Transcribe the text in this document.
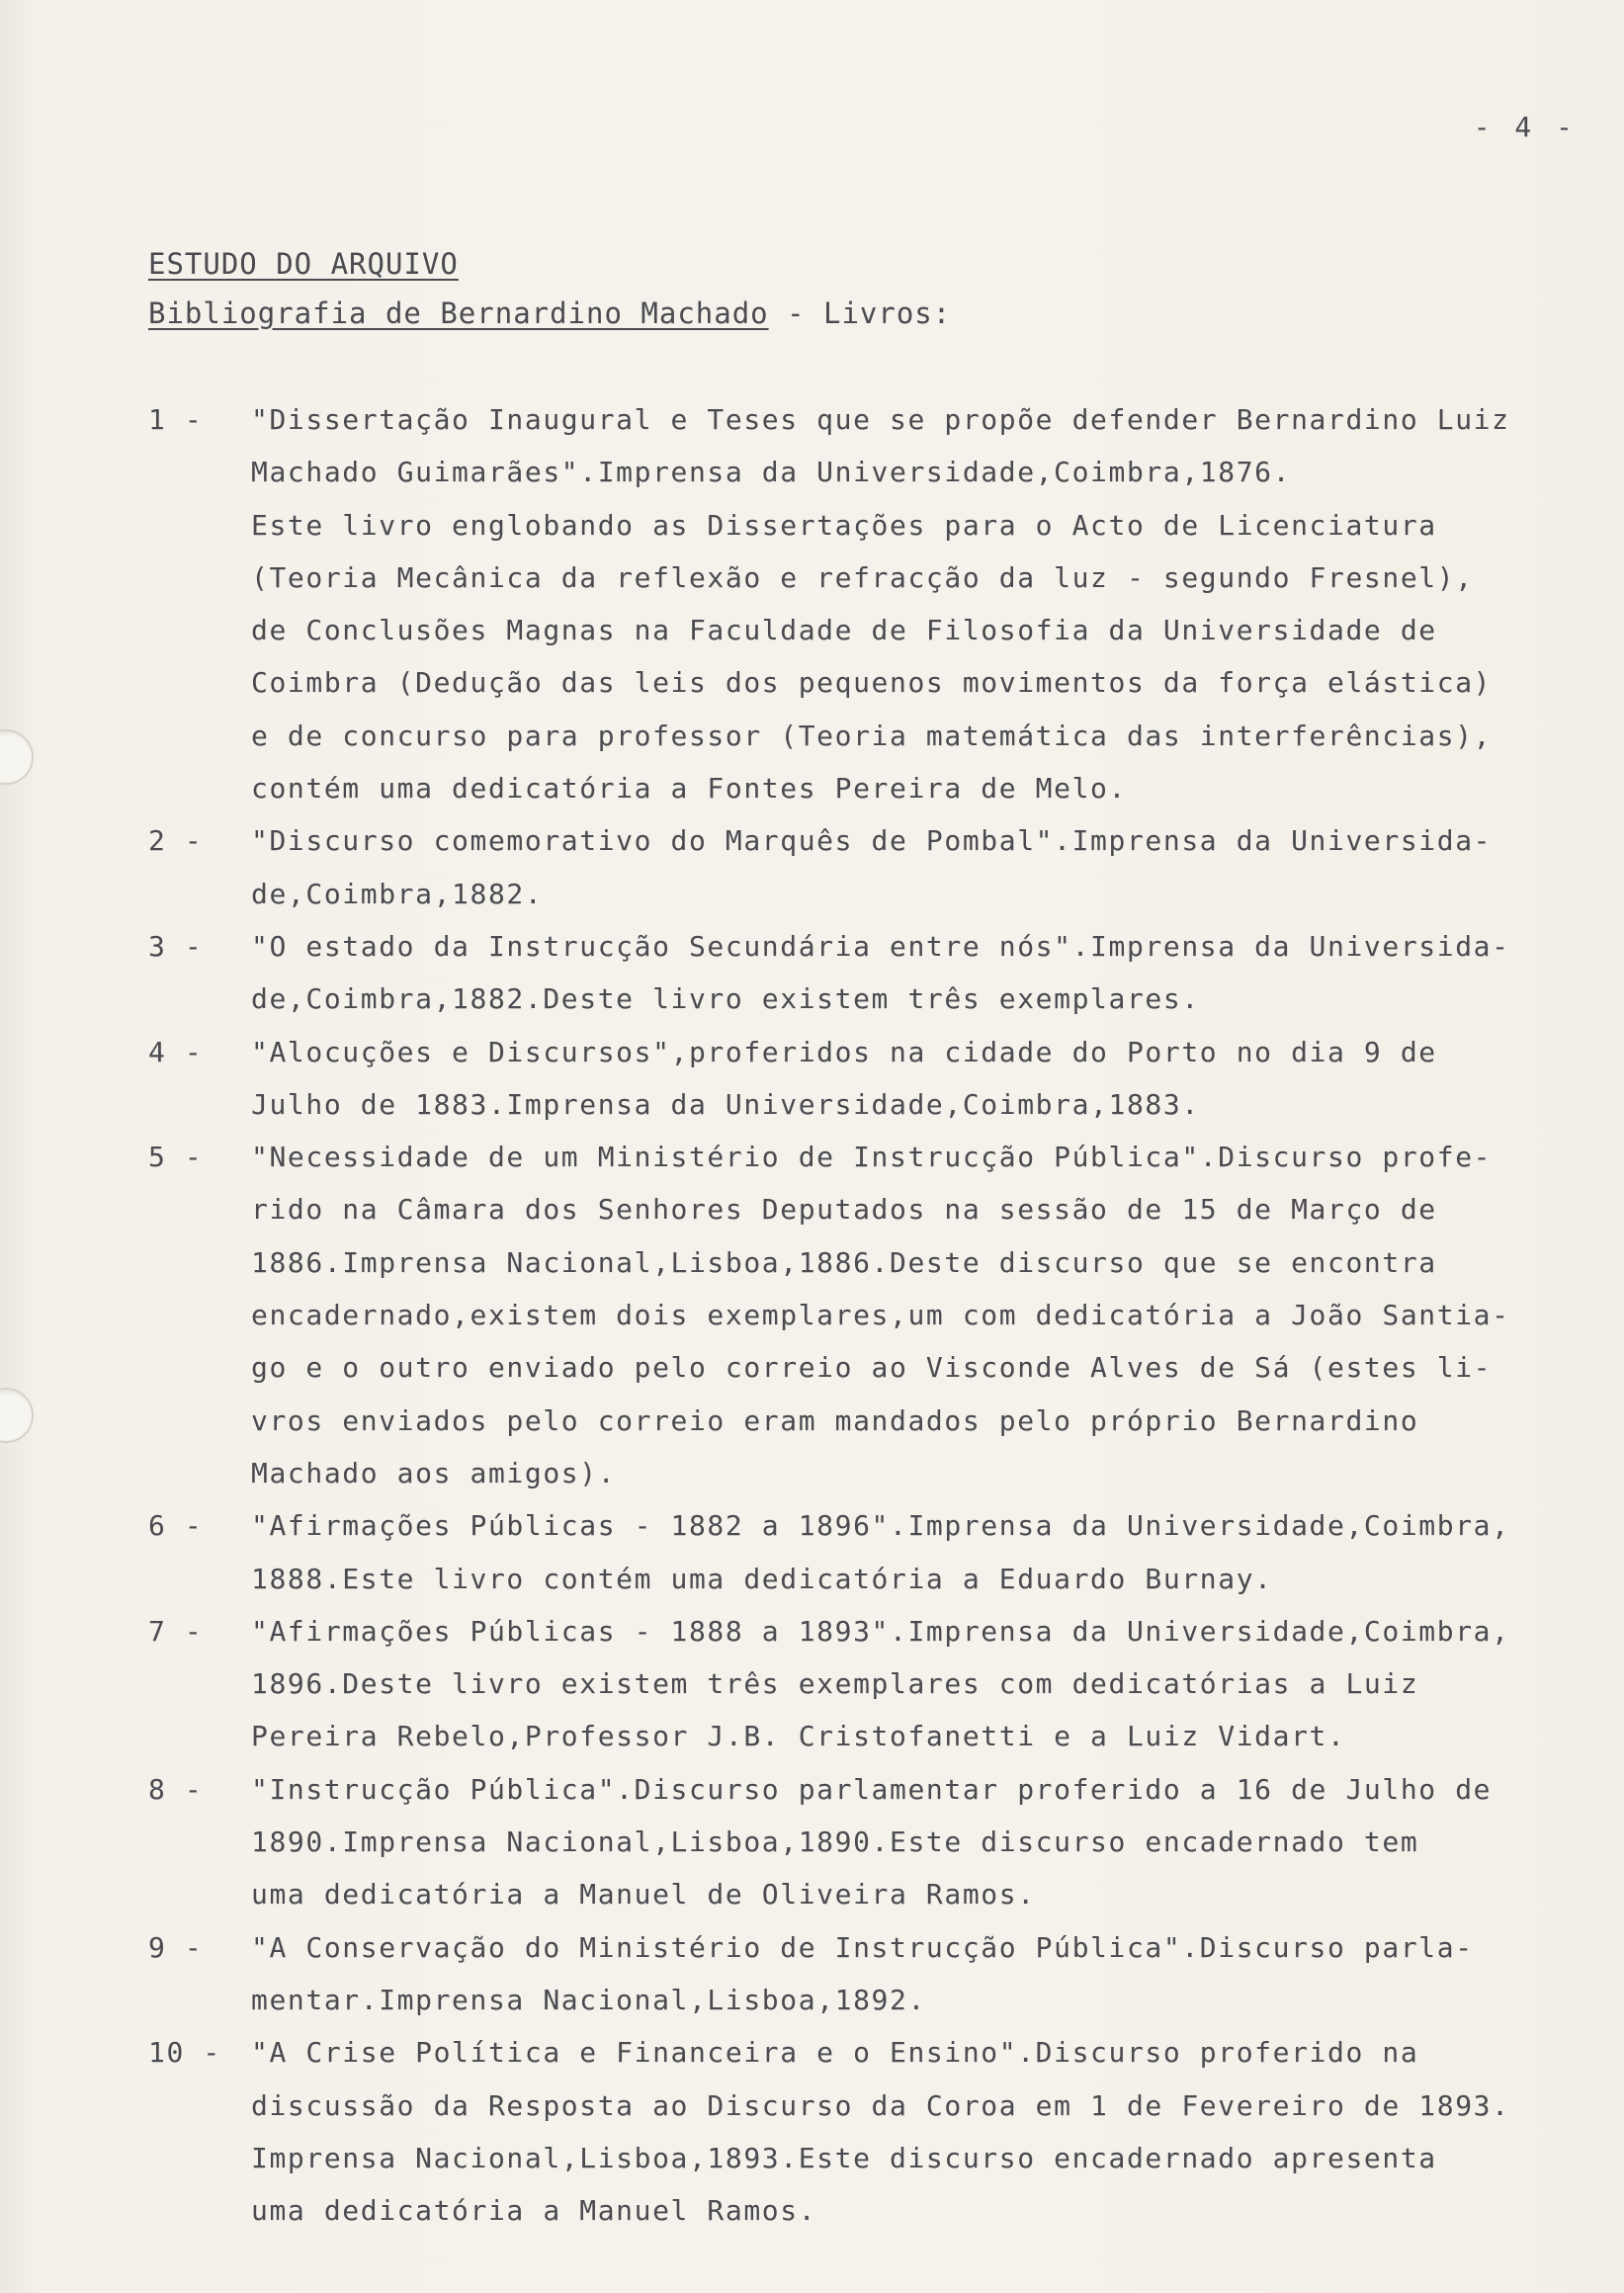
- 4 -
ESTUDO DO ARQUIVO
Bibliografia de Bernardino Machado - Livros:
1 -	"Dissertação Inaugural e Teses que se propõe defender Bernardino Luiz
Machado Guimarães".Imprensa da Universidade,Coimbra,1876.
Este livro englobando as Dissertações para o Acto de Licenciatura
(Teoria Mecânica da reflexão e refracção da luz - segundo Fresnel),
de Conclusões Magnas na Faculdade de Filosofia da Universidade de
Coimbra (Dedução das leis dos pequenos movimentos da força elástica)
e de concurso para professor (Teoria matemática das interferências),
contém uma dedicatória a Fontes Pereira de Melo.
2 -	"Discurso comemorativo do Marquês de Pombal".Imprensa da Universida-
de,Coimbra,1882.
3 -	"O estado da Instrucção Secundária entre nós".Imprensa da Universida-
de,Coimbra,1882.Deste livro existem três exemplares.
4 -	"Alocuções e Discursos",proferidos na cidade do Porto no dia 9 de
Julho de 1883.Imprensa da Universidade,Coimbra,1883.
5 -	"Necessidade de um Ministério de Instrucção Pública".Discurso profe-
rido na Câmara dos Senhores Deputados na sessão de 15 de Março de
1886.Imprensa Nacional,Lisboa,1886.Deste discurso que se encontra
encadernado,existem dois exemplares,um com dedicatória a João Santia-
go e o outro enviado pelo correio ao Visconde Alves de Sá (estes li-
vros enviados pelo correio eram mandados pelo próprio Bernardino
Machado aos amigos).
6 -	"Afirmações Públicas - 1882 a 1896".Imprensa da Universidade,Coimbra,
1888.Este livro contém uma dedicatória a Eduardo Burnay.
7 -	"Afirmações Públicas - 1888 a 1893".Imprensa da Universidade,Coimbra,
1896.Deste livro existem três exemplares com dedicatórias a Luiz
Pereira Rebelo,Professor J.B. Cristofanetti e a Luiz Vidart.
8 -	"Instrucção Pública".Discurso parlamentar proferido a 16 de Julho de
1890.Imprensa Nacional,Lisboa,1890.Este discurso encadernado tem
uma dedicatória a Manuel de Oliveira Ramos.
9 -	"A Conservação do Ministério de Instrucção Pública".Discurso parla-
mentar.Imprensa Nacional,Lisboa,1892.
10 -	"A Crise Política e Financeira e o Ensino".Discurso proferido na
discussão da Resposta ao Discurso da Coroa em 1 de Fevereiro de 1893.
Imprensa Nacional,Lisboa,1893.Este discurso encadernado apresenta
uma dedicatória a Manuel Ramos.
